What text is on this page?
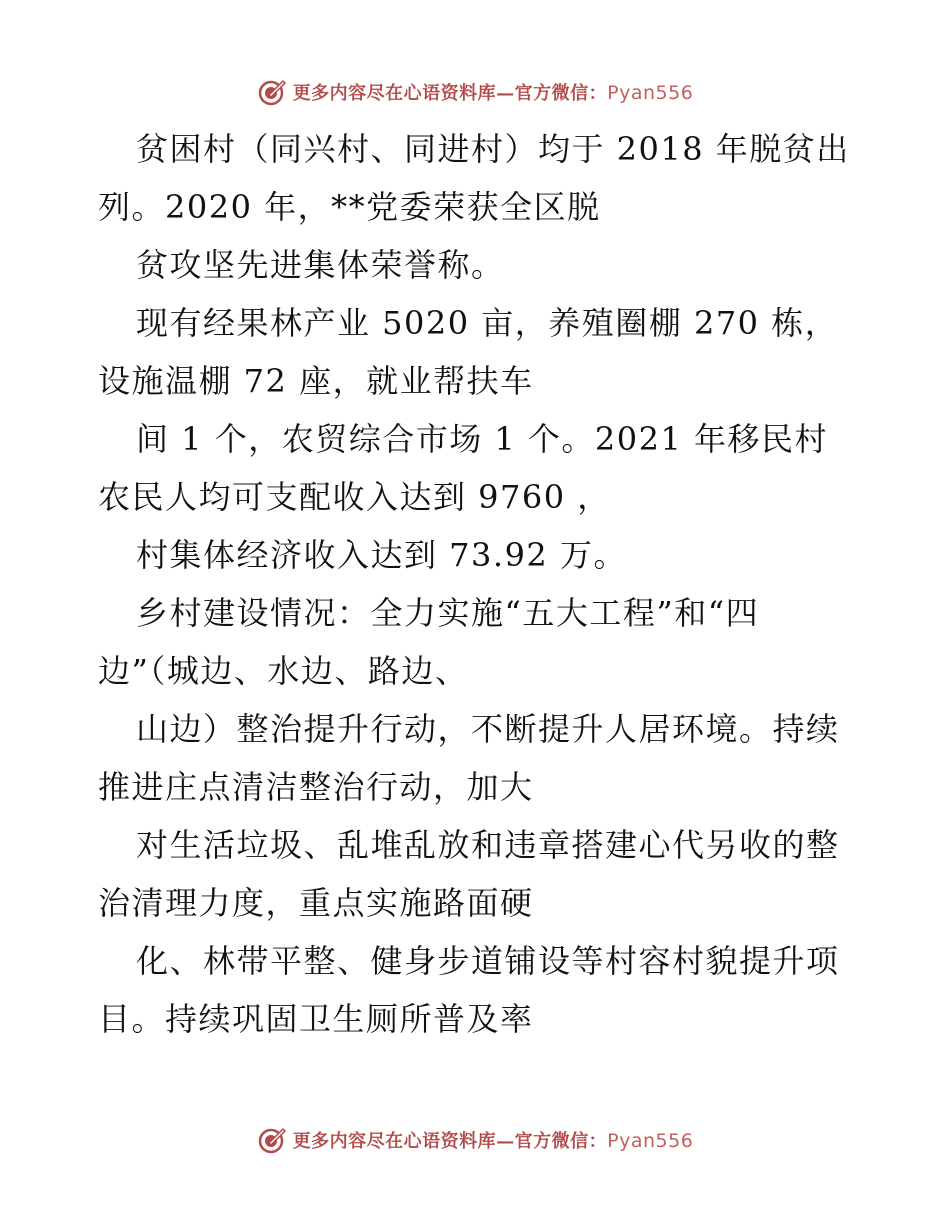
更多内容尽在心语资料库—官方微信：Pyan556

贫困村（同兴村、同进村）均于 2018 年脱贫出

列。2020 年，**党委荣获全区脱

贫攻坚先进集体荣誉称。

现有经果林产业 5020 亩，养殖圈棚 270 栋，

设施温棚 72 座，就业帮扶车

间 1 个，农贸综合市场 1 个。2021 年移民村

农民人均可支配收入达到 9760 ，

村集体经济收入达到 73.92 万。

乡村建设情况：全力实施“五大工程”和“四

边”（城边、水边、路边、

山边）整治提升行动，不断提升人居环境。持续

推进庄点清洁整治行动，加大

对生活垃圾、乱堆乱放和违章搭建心代另收的整

治清理力度，重点实施路面硬

化、林带平整、健身步道铺设等村容村貌提升项

目。持续巩固卫生厕所普及率

更多内容尽在心语资料库—官方微信：Pyan556
